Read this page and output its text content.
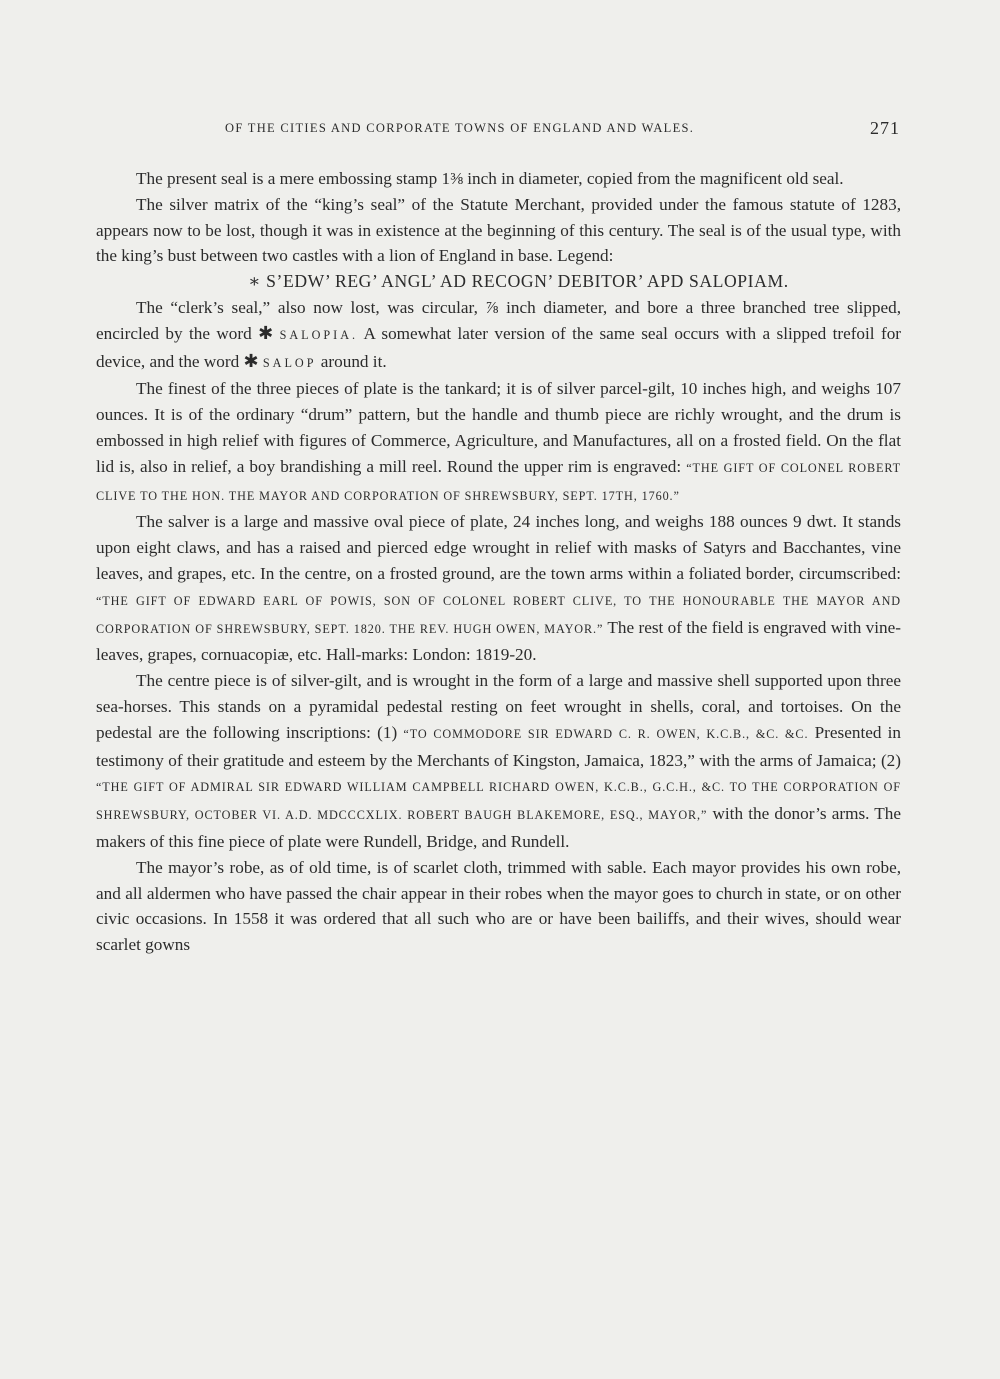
OF THE CITIES AND CORPORATE TOWNS OF ENGLAND AND WALES.	271

The present seal is a mere embossing stamp 1⅜ inch in diameter, copied from the magnificent old seal.

The silver matrix of the “king’s seal” of the Statute Merchant, provided under the famous statute of 1283, appears now to be lost, though it was in existence at the beginning of this century. The seal is of the usual type, with the king’s bust between two castles with a lion of England in base. Legend:

∗ S’EDW’ REG’ ANGL’ AD RECOGN’ DEBITOR’ APD SALOPIAM.

The “clerk’s seal,” also now lost, was circular, ⅞ inch diameter, and bore a three branched tree slipped, encircled by the word ✱ SALOPIA. A somewhat later version of the same seal occurs with a slipped trefoil for device, and the word ✱ SALOP around it.

The finest of the three pieces of plate is the tankard; it is of silver parcel-gilt, 10 inches high, and weighs 107 ounces. It is of the ordinary “drum” pattern, but the handle and thumb piece are richly wrought, and the drum is embossed in high relief with figures of Commerce, Agriculture, and Manufactures, all on a frosted field. On the flat lid is, also in relief, a boy brandishing a mill reel. Round the upper rim is engraved: “THE GIFT OF COLONEL ROBERT CLIVE TO THE HON. THE MAYOR AND CORPORATION OF SHREWSBURY, SEPT. 17TH, 1760.”

The salver is a large and massive oval piece of plate, 24 inches long, and weighs 188 ounces 9 dwt. It stands upon eight claws, and has a raised and pierced edge wrought in relief with masks of Satyrs and Bacchantes, vine leaves, and grapes, etc. In the centre, on a frosted ground, are the town arms within a foliated border, circumscribed: “THE GIFT OF EDWARD EARL OF POWIS, SON OF COLONEL ROBERT CLIVE, TO THE HONOURABLE THE MAYOR AND CORPORATION OF SHREWSBURY, SEPT. 1820. THE REV. HUGH OWEN, MAYOR.” The rest of the field is engraved with vine-leaves, grapes, cornuacopiæ, etc. Hall-marks: London: 1819-20.

The centre piece is of silver-gilt, and is wrought in the form of a large and massive shell supported upon three sea-horses. This stands on a pyramidal pedestal resting on feet wrought in shells, coral, and tortoises. On the pedestal are the following inscriptions: (1) “TO COMMODORE SIR EDWARD C. R. OWEN, K.C.B., &C. &C. Presented in testimony of their gratitude and esteem by the Merchants of Kingston, Jamaica, 1823,” with the arms of Jamaica; (2) “THE GIFT OF ADMIRAL SIR EDWARD WILLIAM CAMPBELL RICHARD OWEN, K.C.B., G.C.H., &C. TO THE CORPORATION OF SHREWSBURY, OCTOBER VI. A.D. MDCCCXLIX. ROBERT BAUGH BLAKEMORE, ESQ., MAYOR,” with the donor’s arms. The makers of this fine piece of plate were Rundell, Bridge, and Rundell.

The mayor’s robe, as of old time, is of scarlet cloth, trimmed with sable. Each mayor provides his own robe, and all aldermen who have passed the chair appear in their robes when the mayor goes to church in state, or on other civic occasions. In 1558 it was ordered that all such who are or have been bailiffs, and their wives, should wear scarlet gowns
